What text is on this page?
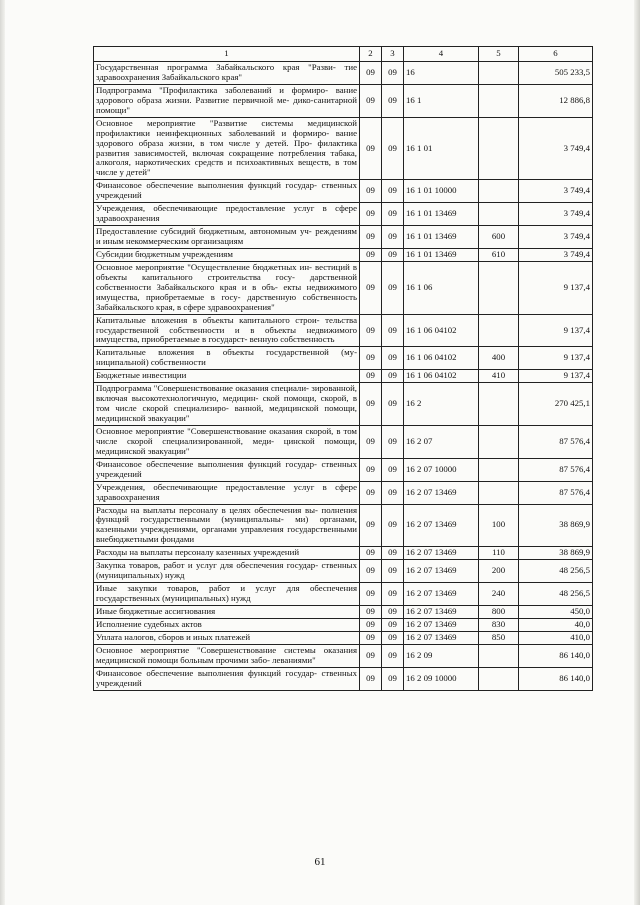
1	2	3	4	5	6
Государственная программа Забайкальского края "Разви- тие здравоохранения Забайкальского края"	09	09	16		505 233,5
Подпрограмма "Профилактика заболеваний и формиро- вание здорового образа жизни. Развитие первичной ме- дико-санитарной помощи"	09	09	16 1		12 886,8
Основное мероприятие "Развитие системы медицинской профилактики неинфекционных заболеваний и формиро- вание здорового образа жизни, в том числе у детей. Про- филактика развития зависимостей, включая сокращение потребления табака, алкоголя, наркотических средств и психоактивных веществ, в том числе у детей"	09	09	16 1 01		3 749,4
Финансовое обеспечение выполнения функций государ- ственных учреждений	09	09	16 1 01 10000		3 749,4
Учреждения, обеспечивающие предоставление услуг в сфере здравоохранения	09	09	16 1 01 13469		3 749,4
Предоставление субсидий бюджетным, автономным уч- реждениям и иным некоммерческим организациям	09	09	16 1 01 13469	600	3 749,4
Субсидии бюджетным учреждениям	09	09	16 1 01 13469	610	3 749,4
Основное мероприятие "Осуществление бюджетных ин- вестиций в объекты капитального строительства госу- дарственной собственности Забайкальского края и в объ- екты недвижимого имущества, приобретаемые в госу- дарственную собственность Забайкальского края, в сфере здравоохранения"	09	09	16 1 06		9 137,4
Капитальные вложения в объекты капитального строи- тельства государственной собственности и в объекты недвижимого имущества, приобретаемые в государст- венную собственность	09	09	16 1 06 04102		9 137,4
Капитальные вложения в объекты государственной (му- ниципальной) собственности	09	09	16 1 06 04102	400	9 137,4
Бюджетные инвестиции	09	09	16 1 06 04102	410	9 137,4
Подпрограмма "Совершенствование оказания специали- зированной, включая высокотехнологичную, медицин- ской помощи, скорой, в том числе скорой специализиро- ванной, медицинской помощи, медицинской эвакуации"	09	09	16 2		270 425,1
Основное мероприятие "Совершенствование оказания скорой, в том числе скорой специализированной, меди- цинской помощи, медицинской эвакуации"	09	09	16 2 07		87 576,4
Финансовое обеспечение выполнения функций государ- ственных учреждений	09	09	16 2 07 10000		87 576,4
Учреждения, обеспечивающие предоставление услуг в сфере здравоохранения	09	09	16 2 07 13469		87 576,4
Расходы на выплаты персоналу в целях обеспечения вы- полнения функций государственными (муниципальны- ми) органами, казенными учреждениями, органами управления государственными внебюджетными фондами	09	09	16 2 07 13469	100	38 869,9
Расходы на выплаты персоналу казенных учреждений	09	09	16 2 07 13469	110	38 869,9
Закупка товаров, работ и услуг для обеспечения государ- ственных (муниципальных) нужд	09	09	16 2 07 13469	200	48 256,5
Иные закупки товаров, работ и услуг для обеспечения государственных (муниципальных) нужд	09	09	16 2 07 13469	240	48 256,5
Иные бюджетные ассигнования	09	09	16 2 07 13469	800	450,0
Исполнение судебных актов	09	09	16 2 07 13469	830	40,0
Уплата налогов, сборов и иных платежей	09	09	16 2 07 13469	850	410,0
Основное мероприятие "Совершенствование системы оказания медицинской помощи больным прочими забо- леваниями"	09	09	16 2 09		86 140,0
Финансовое обеспечение выполнения функций государ- ственных учреждений	09	09	16 2 09 10000		86 140,0
61
